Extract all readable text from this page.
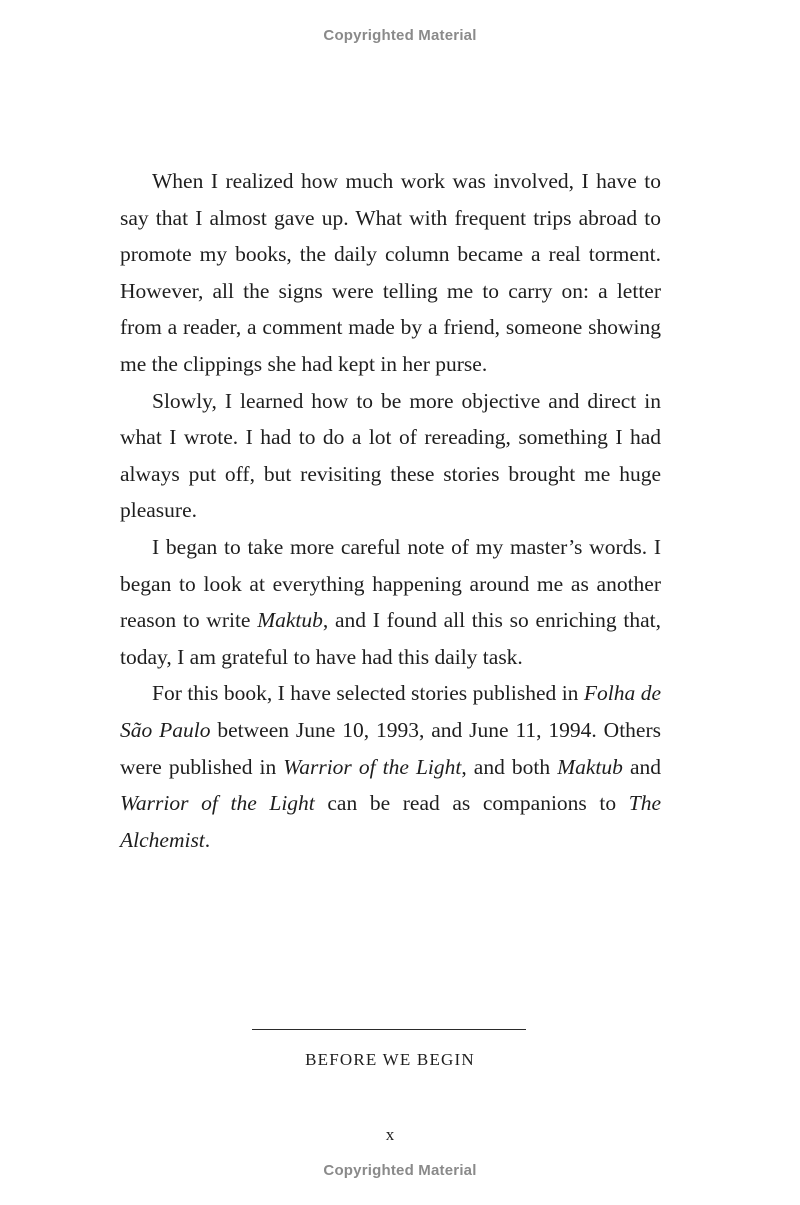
Copyrighted Material

When I realized how much work was involved, I have to say that I almost gave up. What with frequent trips abroad to promote my books, the daily column became a real torment. However, all the signs were telling me to carry on: a letter from a reader, a comment made by a friend, someone showing me the clippings she had kept in her purse.

Slowly, I learned how to be more objective and direct in what I wrote. I had to do a lot of rereading, something I had always put off, but revisiting these stories brought me huge pleasure.

I began to take more careful note of my master’s words. I began to look at everything happening around me as another reason to write Maktub, and I found all this so enriching that, today, I am grateful to have had this daily task.

For this book, I have selected stories published in Folha de São Paulo between June 10, 1993, and June 11, 1994. Others were published in Warrior of the Light, and both Maktub and Warrior of the Light can be read as companions to The Alchemist.

BEFORE WE BEGIN
x
Copyrighted Material
